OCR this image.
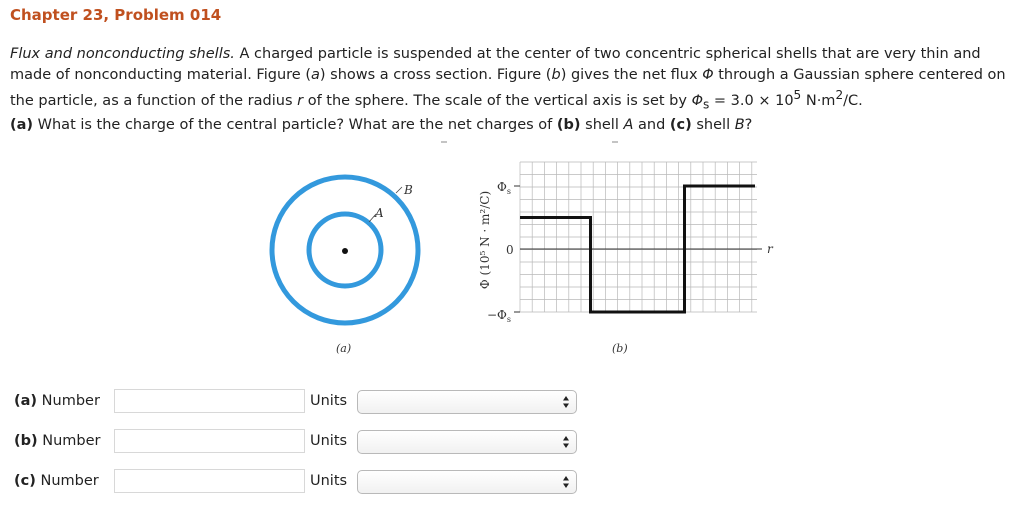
Chapter 23, Problem 014

Flux and nonconducting shells. A charged particle is suspended at the center of two concentric spherical shells that are very thin and made of nonconducting material. Figure (a) shows a cross section. Figure (b) gives the net flux Φ through a Gaussian sphere centered on the particle, as a function of the radius r of the sphere. The scale of the vertical axis is set by $\Phi_s = 3.0 \times 10^5$ $N\cdot m^2/C$.
(a) What is the charge of the central particle? What are the net charges of (b) shell A and (c) shell B?

A
B
(a)
Φ (10⁵ N · m²/C)
$\Phi_s$
0
$-\Phi_s$
r
(b)
(a) Number	Units
(b) Number	Units
(c) Number	Units
